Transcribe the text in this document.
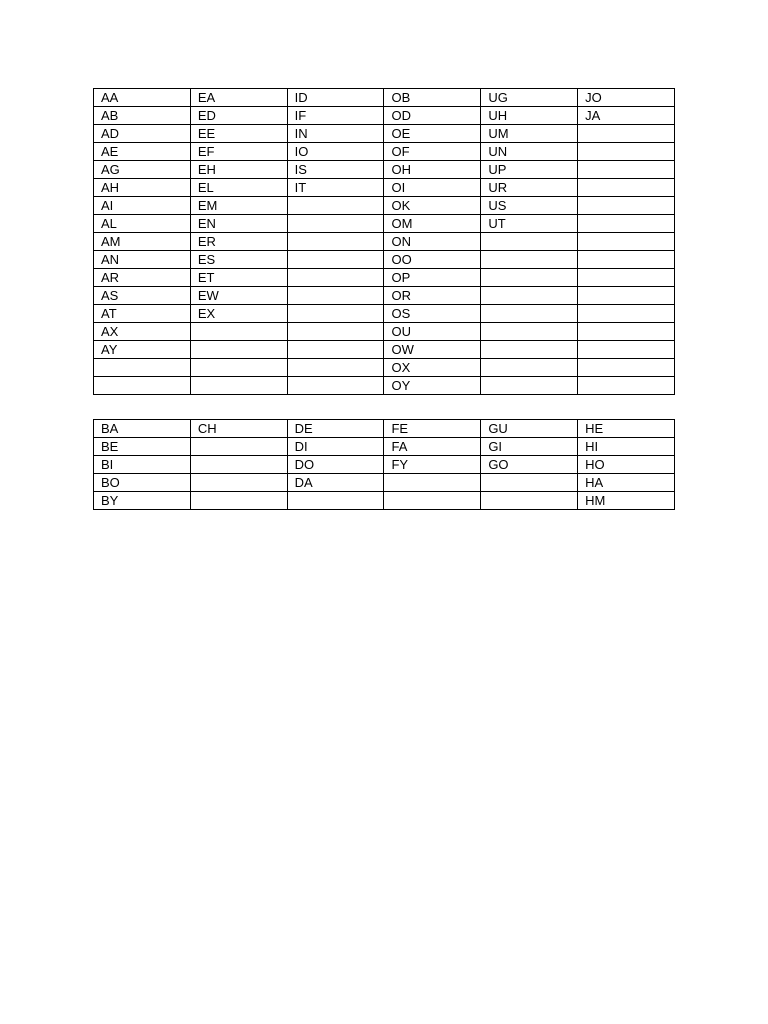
AA	EA	ID	OB	UG	JO
AB	ED	IF	OD	UH	JA
AD	EE	IN	OE	UM	
AE	EF	IO	OF	UN	
AG	EH	IS	OH	UP	
AH	EL	IT	OI	UR	
AI	EM		OK	US	
AL	EN		OM	UT	
AM	ER		ON		
AN	ES		OO		
AR	ET		OP		
AS	EW		OR		
AT	EX		OS		
AX			OU		
AY			OW		
			OX		
			OY		
BA	CH	DE	FE	GU	HE
BE		DI	FA	GI	HI
BI		DO	FY	GO	HO
BO		DA			HA
BY					HM
